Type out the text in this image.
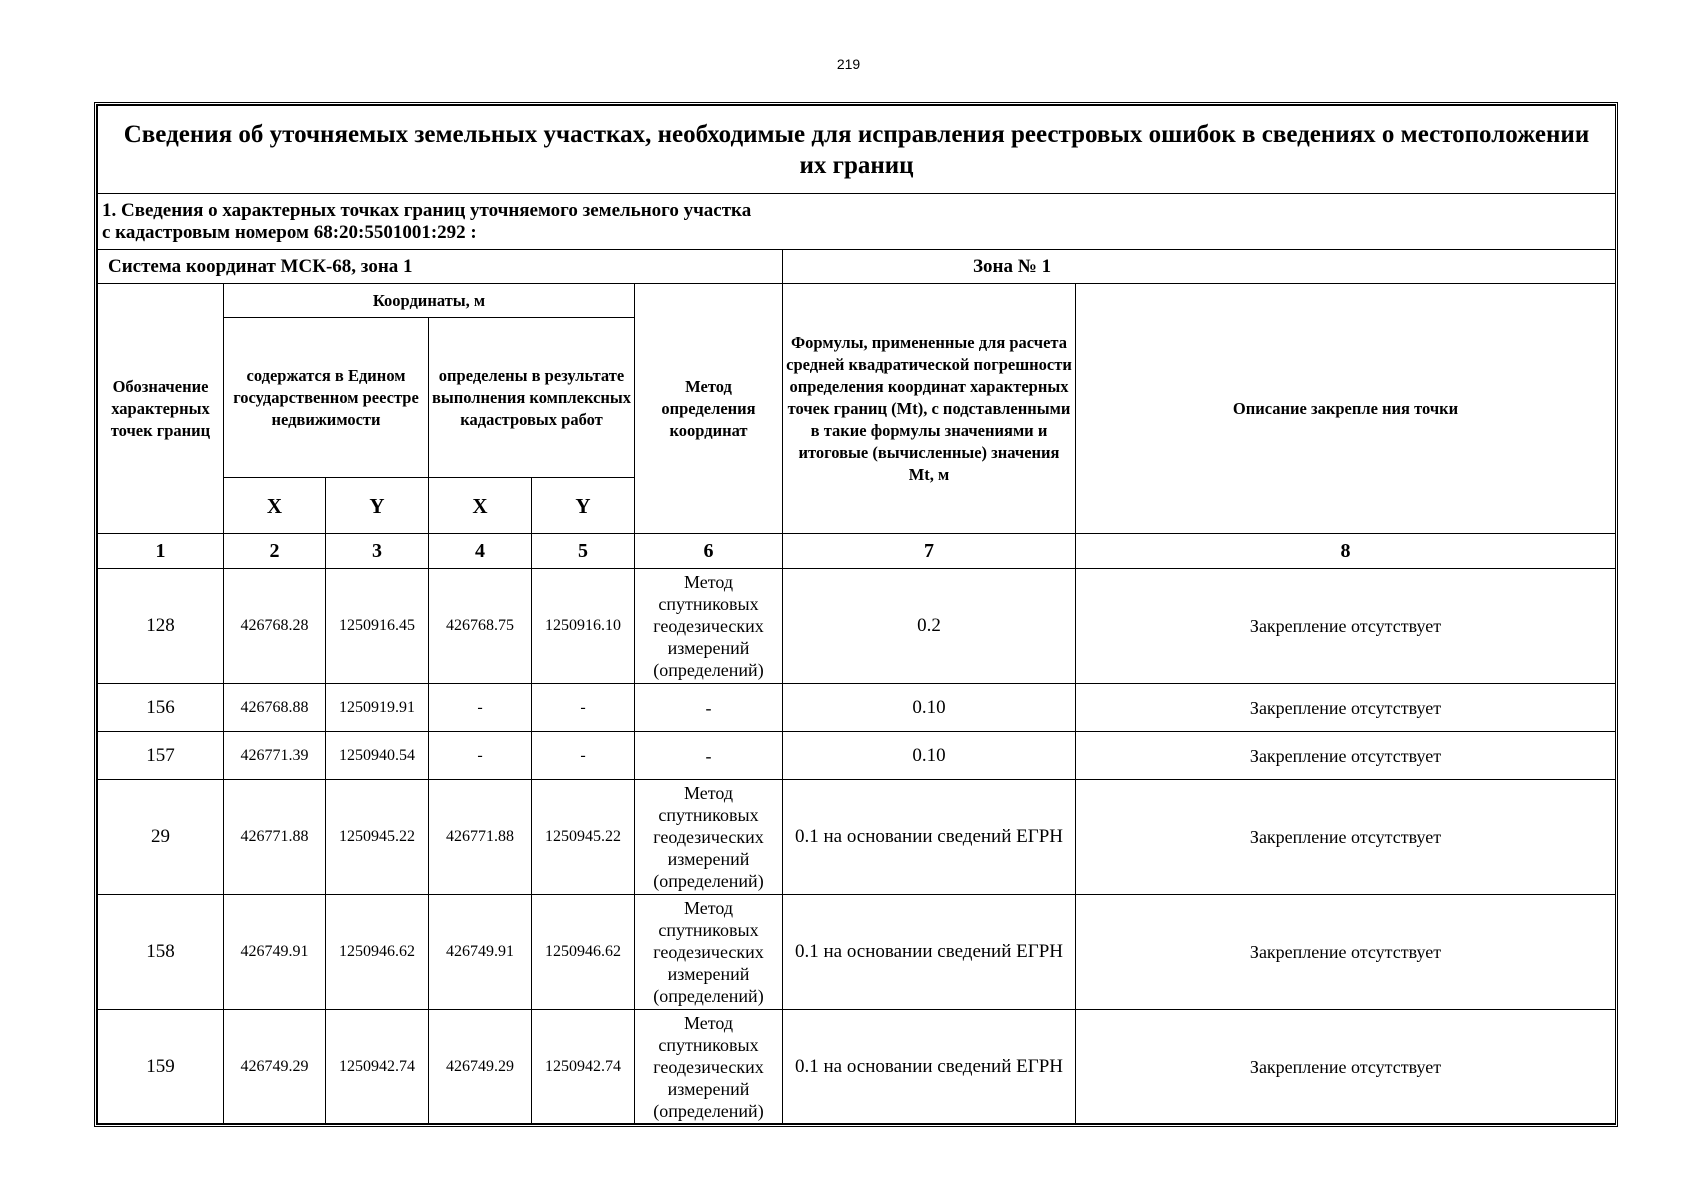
219
Сведения об уточняемых земельных участках, необходимые для исправления реестровых ошибок в сведениях о местоположении их границ							

1. Сведения о характерных точках границ уточняемого земельного участка
с кадастровым номером 68:20:5501001:292 :							

Система координат МСК-68, зона 1						Зона № 1	
Обозначение характерных точек границ	Координаты, м				Метод определения координат	Формулы, примененные для расчета средней квадратической погрешности определения координат характерных точек границ (Mt), с подставленными в такие формулы значениями и итоговые (вычисленные) значения Mt, м	Описание закрепле ния точки
	содержатся в Едином государственном реестре недвижимости		определены в результате выполнения комплексных кадастровых работ				
	X	Y	X	Y			
1	2	3	4	5	6	7	8
128	426768.28	1250916.45	426768.75	1250916.10	Метод спутниковых геодезических измерений (определений)	0.2	Закрепление отсутствует
156	426768.88	1250919.91	-	-	-	0.10	Закрепление отсутствует
157	426771.39	1250940.54	-	-	-	0.10	Закрепление отсутствует
29	426771.88	1250945.22	426771.88	1250945.22	Метод спутниковых геодезических измерений (определений)	0.1 на основании сведений ЕГРН	Закрепление отсутствует
158	426749.91	1250946.62	426749.91	1250946.62	Метод спутниковых геодезических измерений (определений)	0.1 на основании сведений ЕГРН	Закрепление отсутствует
159	426749.29	1250942.74	426749.29	1250942.74	Метод спутниковых геодезических измерений (определений)	0.1 на основании сведений ЕГРН	Закрепление отсутствует
